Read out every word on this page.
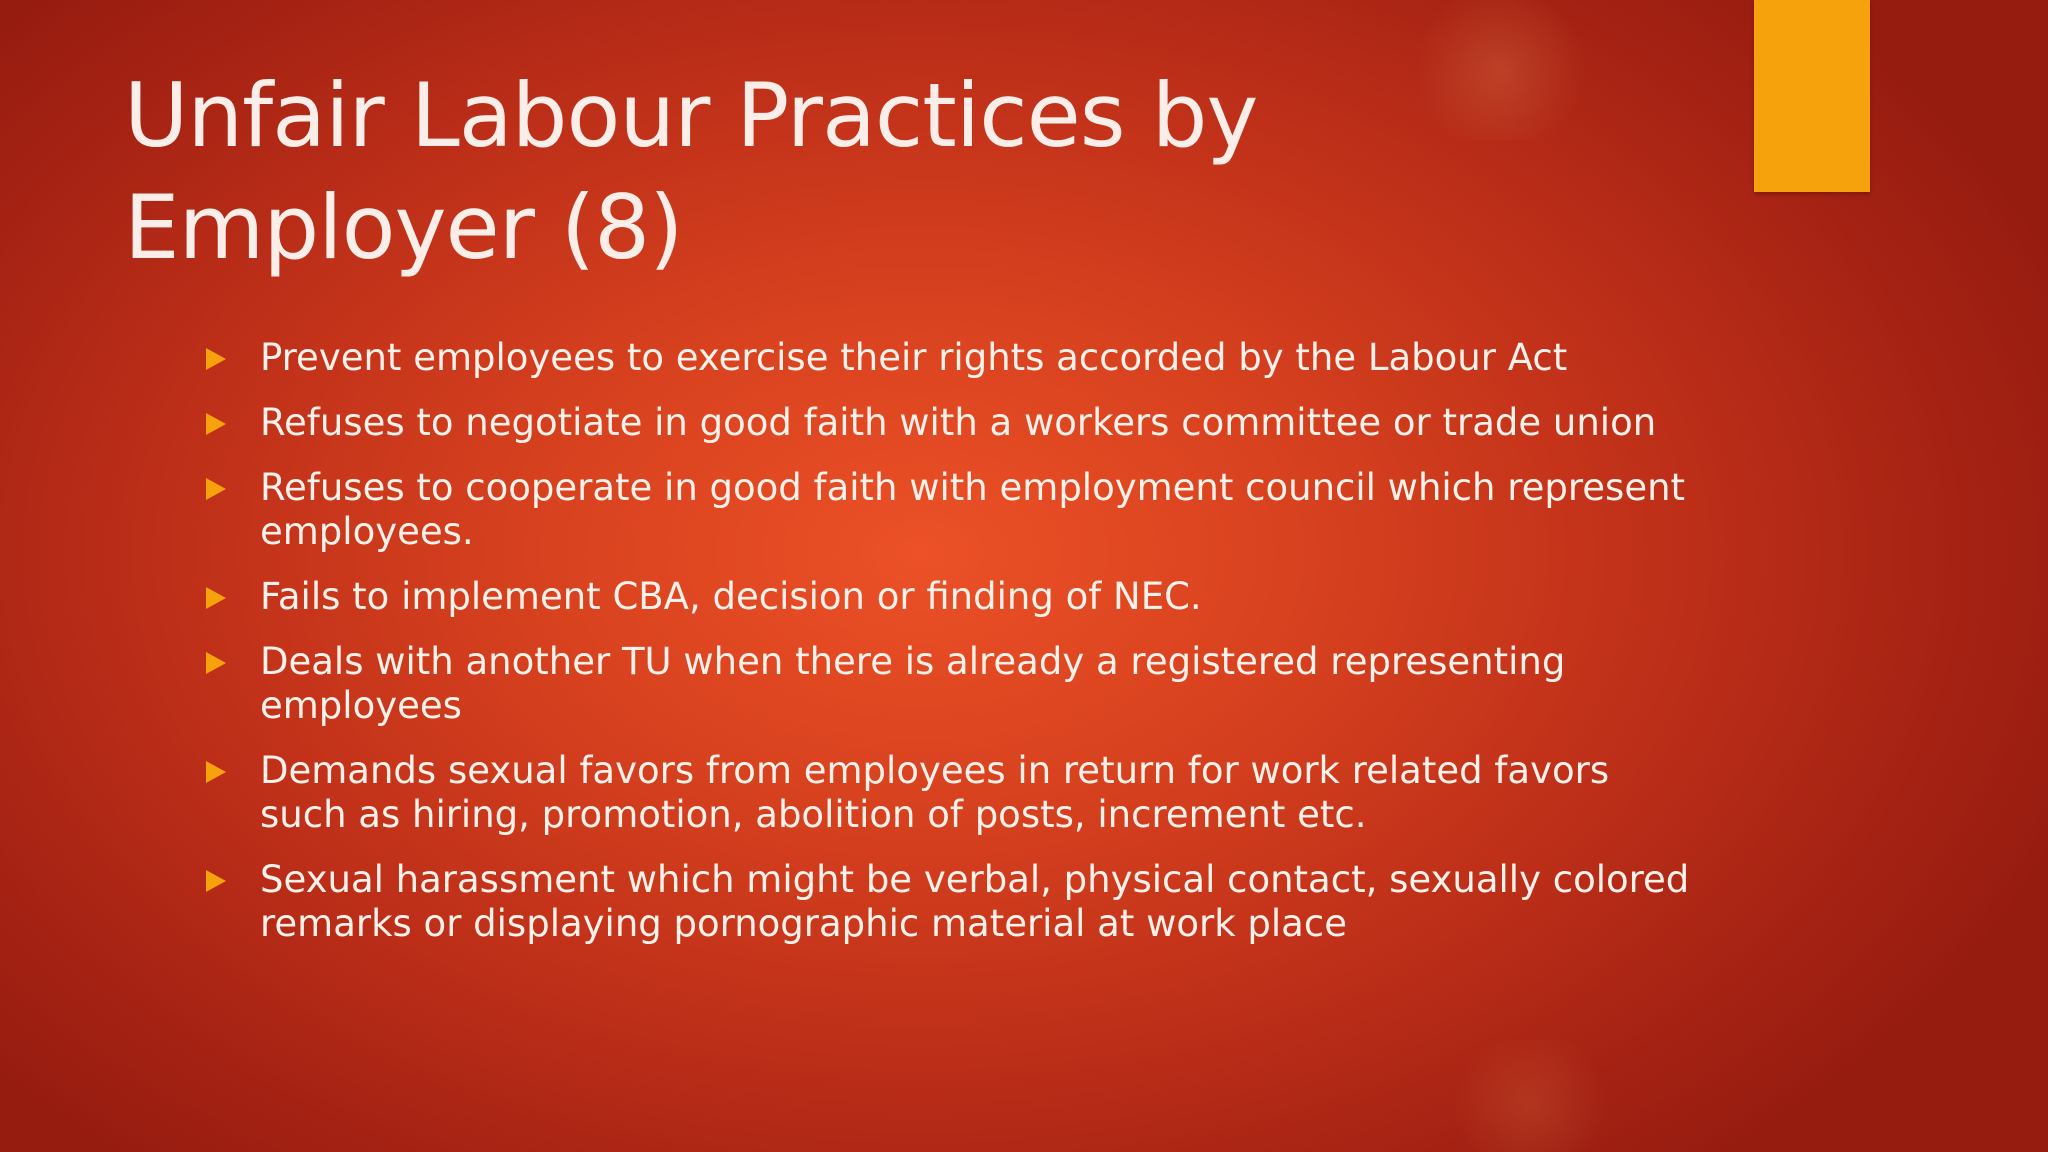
Unfair Labour Practices by Employer (8)
Prevent employees to exercise their rights accorded by the Labour Act
Refuses to negotiate in good faith with a workers committee or trade union
Refuses to cooperate in good faith with employment council which represent employees.
Fails to implement CBA, decision or finding of NEC.
Deals with another TU when there is already a registered representing employees
Demands sexual favors from employees in return for work related favors such as hiring, promotion, abolition of posts, increment etc.
Sexual harassment which might be verbal, physical contact, sexually colored remarks or displaying pornographic material at work place
